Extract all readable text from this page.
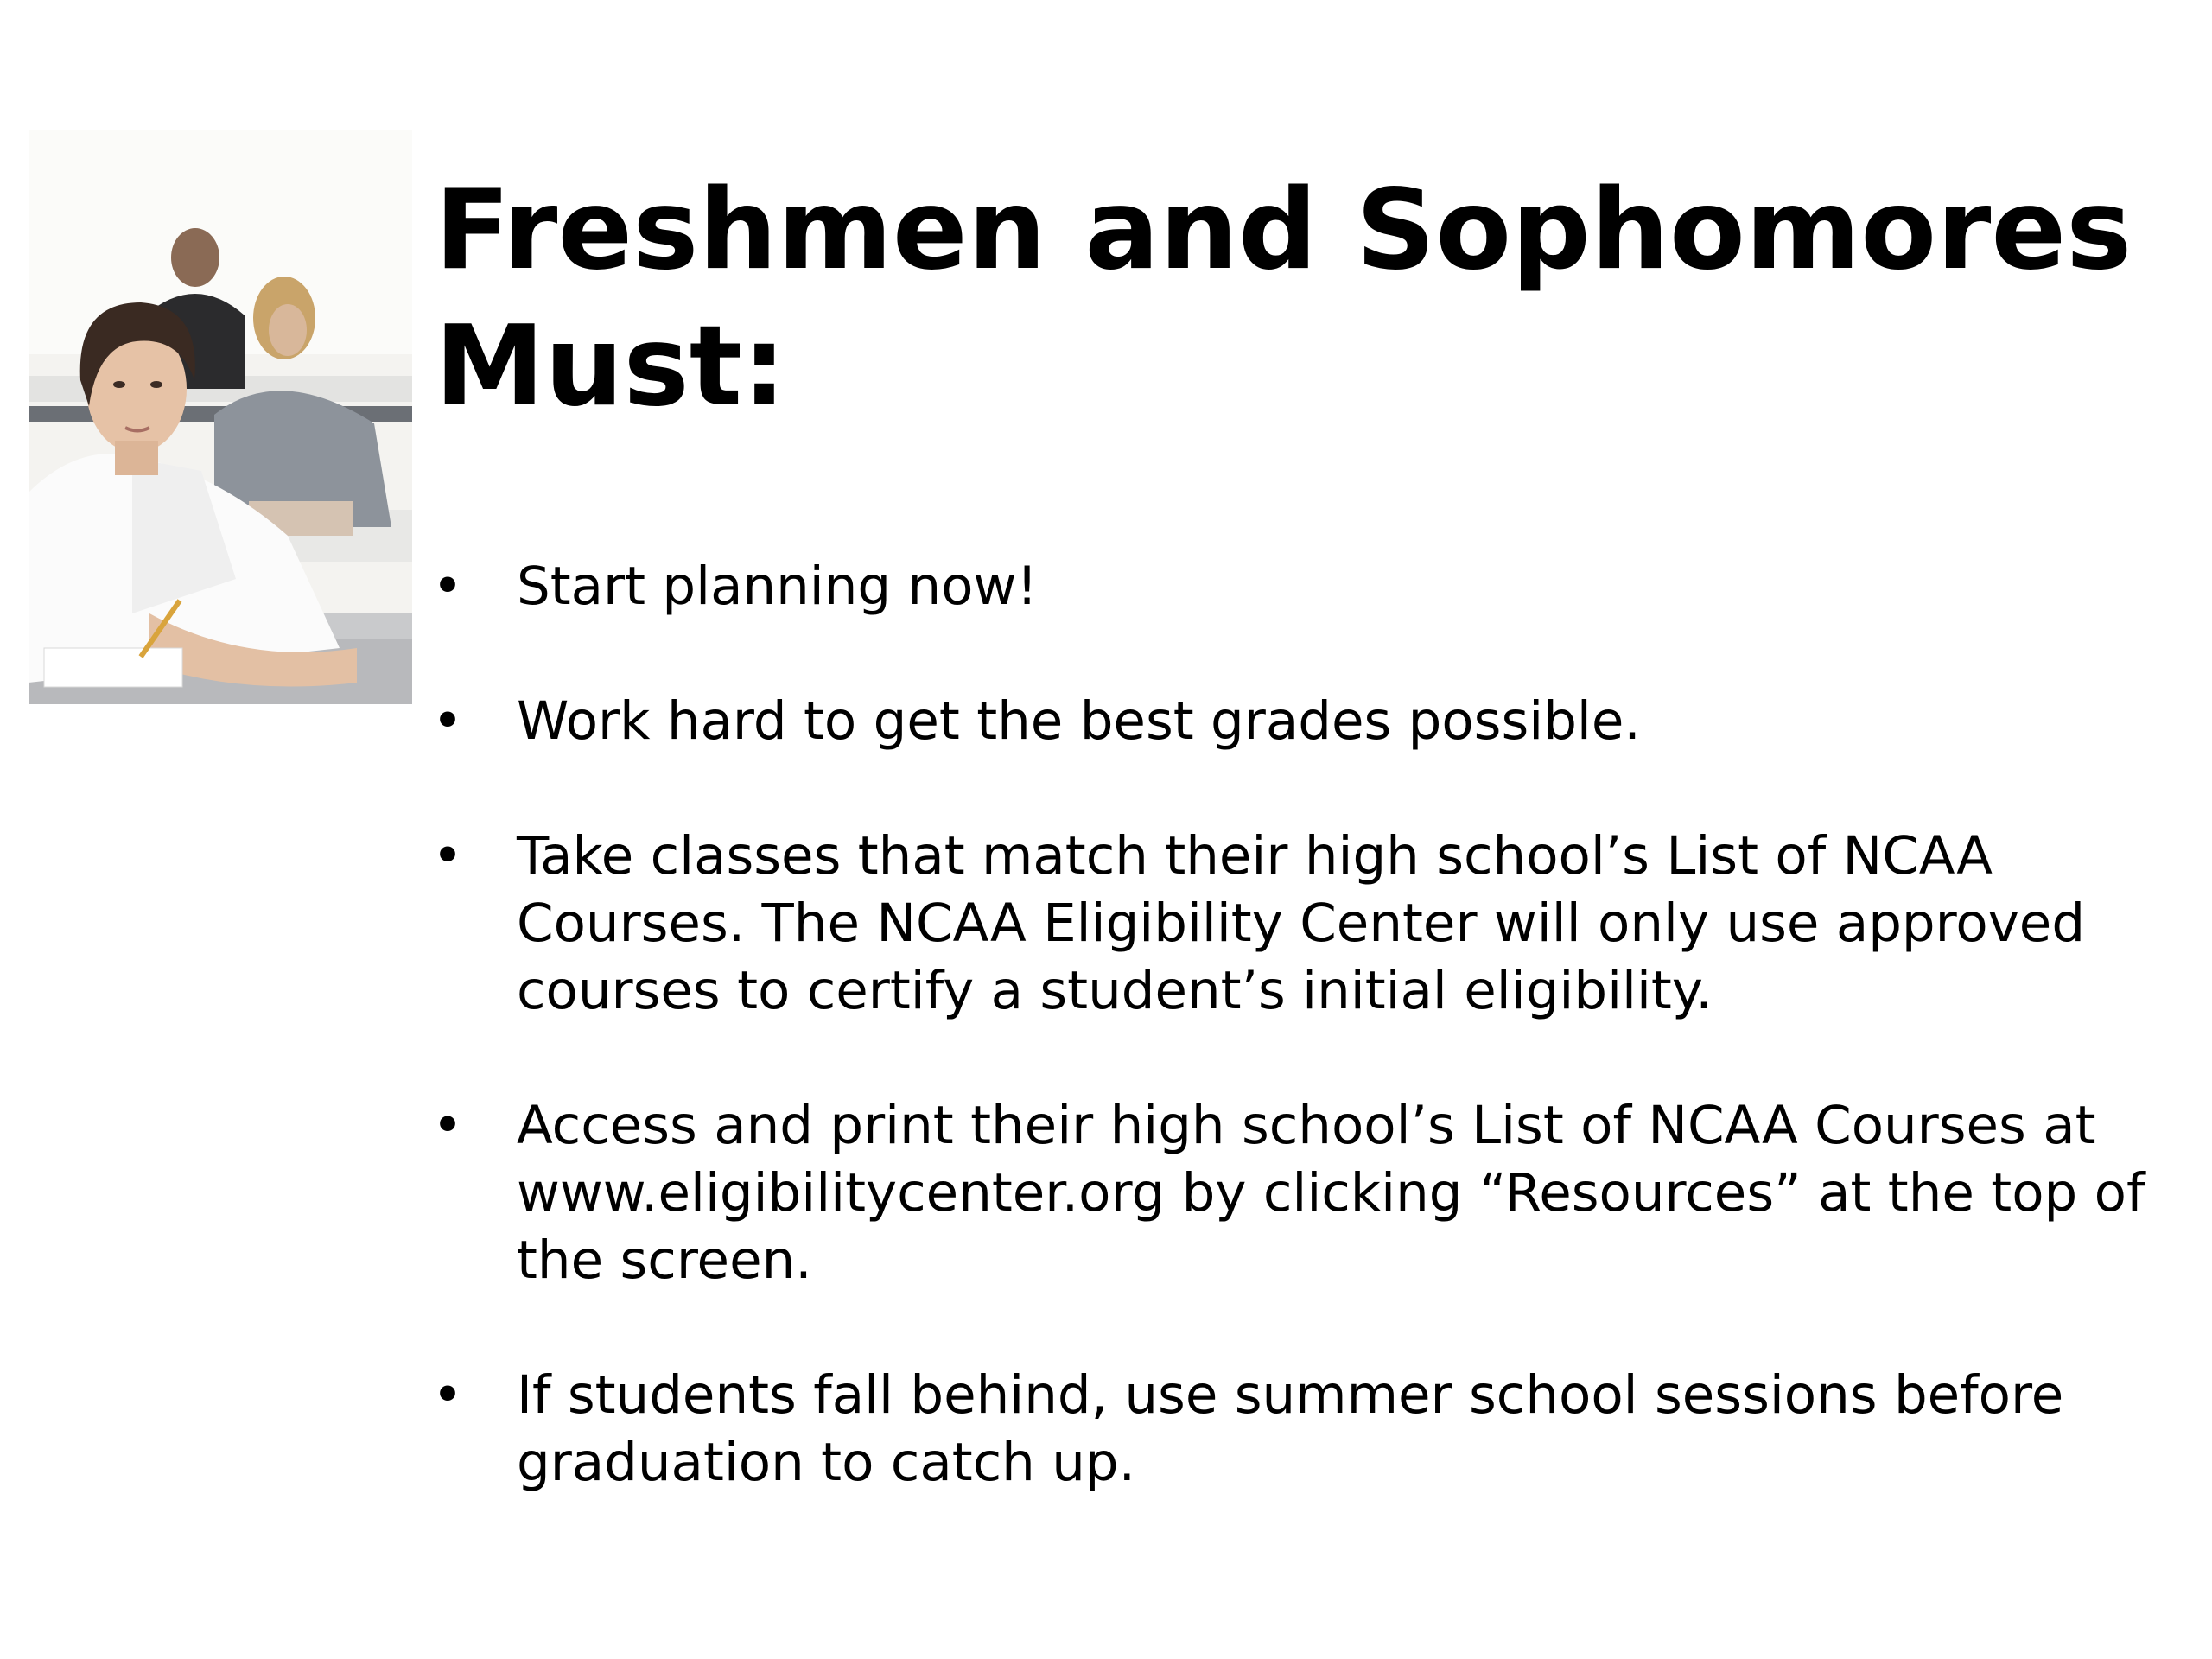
Freshmen and Sophomores
Must:
• Start planning now!
• Work hard to get the best grades possible.
• Take classes that match their high school’s List of NCAA Courses. The NCAA Eligibility Center will only use approved courses to certify a student’s initial eligibility.
• Access and print their high school’s List of NCAA Courses at www.eligibilitycenter.org by clicking “Resources” at the top of the screen.
• If students fall behind, use summer school sessions before graduation to catch up.
